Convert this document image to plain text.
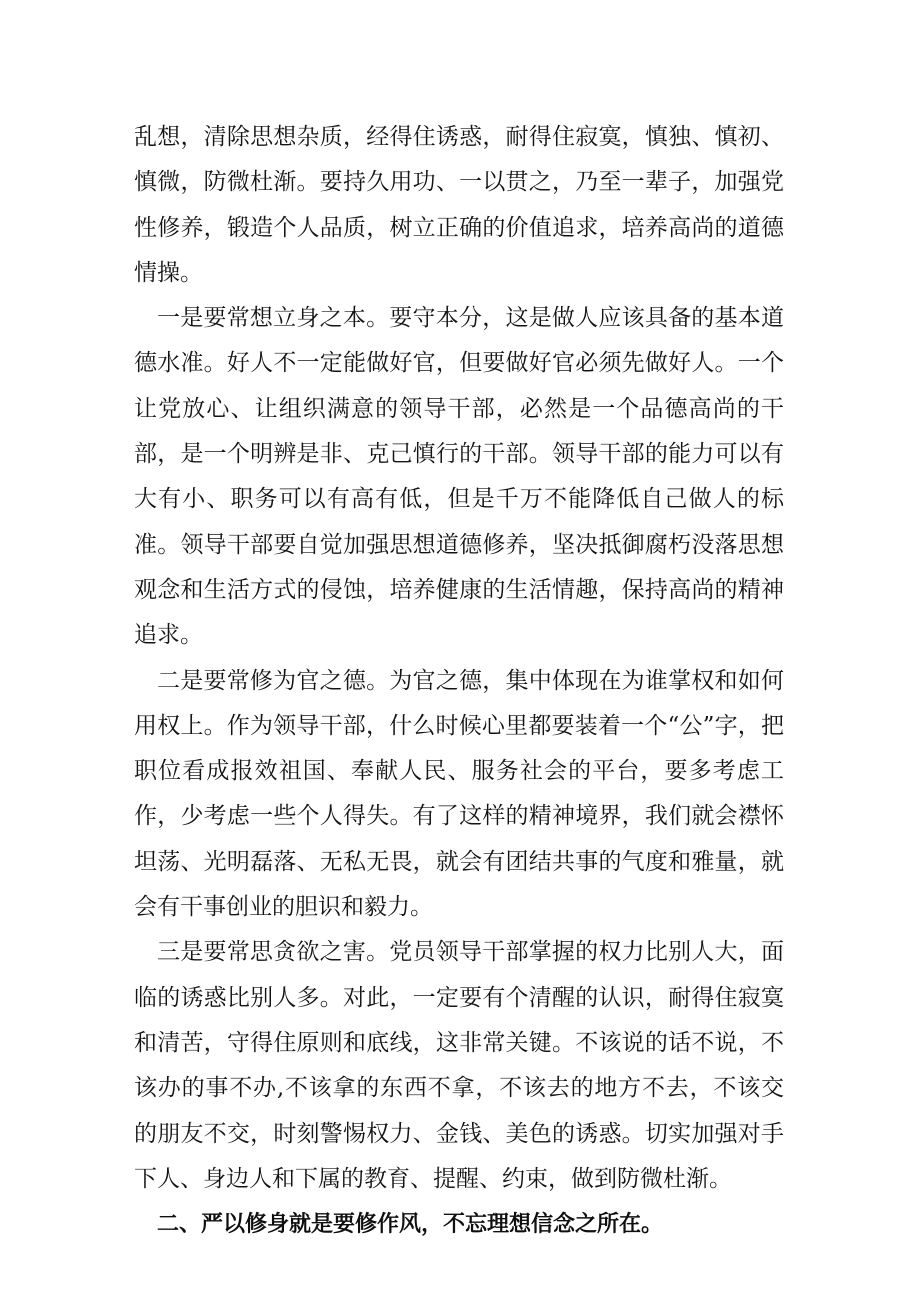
乱想，清除思想杂质，经得住诱惑，耐得住寂寞，慎独、慎初、慎微，防微杜渐。要持久用功、一以贯之，乃至一辈子，加强党性修养，锻造个人品质，树立正确的价值追求，培养高尚的道德情操。

一是要常想立身之本。要守本分，这是做人应该具备的基本道德水准。好人不一定能做好官，但要做好官必须先做好人。一个让党放心、让组织满意的领导干部，必然是一个品德高尚的干部，是一个明辨是非、克己慎行的干部。领导干部的能力可以有大有小、职务可以有高有低，但是千万不能降低自己做人的标准。领导干部要自觉加强思想道德修养，坚决抵御腐朽没落思想观念和生活方式的侵蚀，培养健康的生活情趣，保持高尚的精神追求。

二是要常修为官之德。为官之德，集中体现在为谁掌权和如何用权上。作为领导干部，什么时候心里都要装着一个“公”字，把职位看成报效祖国、奉献人民、服务社会的平台，要多考虑工作，少考虑一些个人得失。有了这样的精神境界，我们就会襟怀坦荡、光明磊落、无私无畏，就会有团结共事的气度和雅量，就会有干事创业的胆识和毅力。

三是要常思贪欲之害。党员领导干部掌握的权力比别人大，面临的诱惑比别人多。对此，一定要有个清醒的认识，耐得住寂寞和清苦，守得住原则和底线，这非常关键。不该说的话不说，不该办的事不办,不该拿的东西不拿，不该去的地方不去，不该交的朋友不交，时刻警惕权力、金钱、美色的诱惑。切实加强对手下人、身边人和下属的教育、提醒、约束，做到防微杜渐。

二、严以修身就是要修作风，不忘理想信念之所在。
